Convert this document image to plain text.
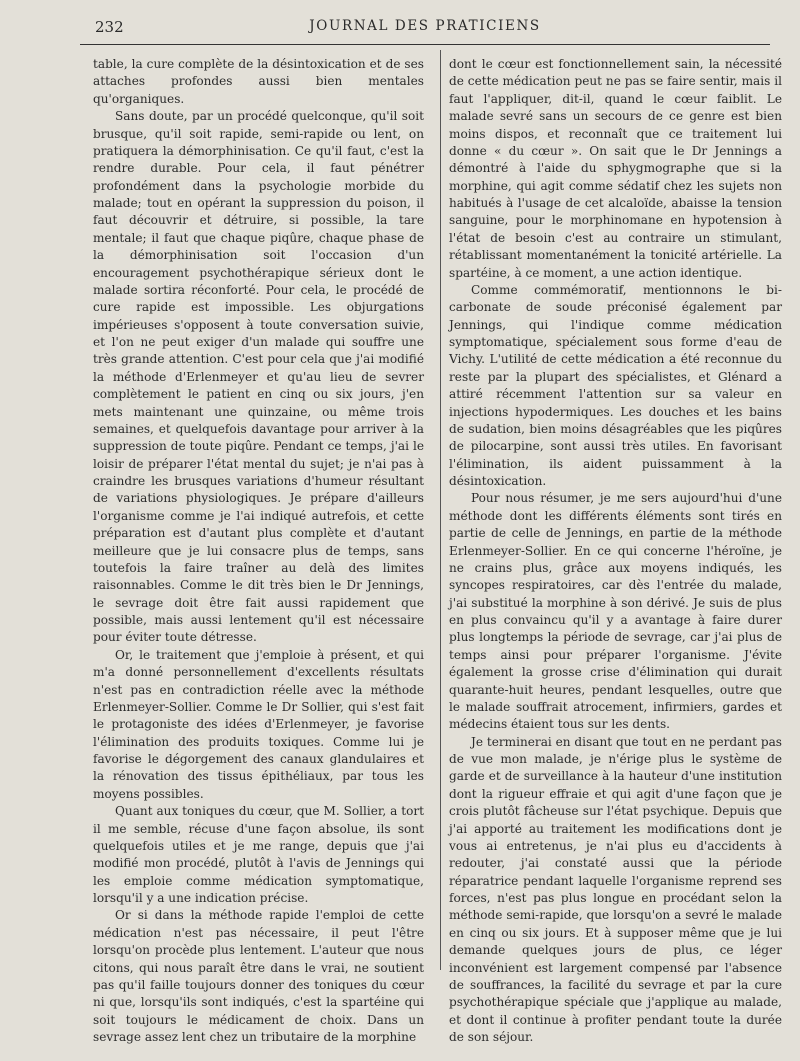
232	JOURNAL DES PRATICIENS

table, la cure complète de la désintoxication et de ses attaches profondes aussi bien mentales qu'organiques.

Sans doute, par un procédé quelconque, qu'il soit brusque, qu'il soit rapide, semi-rapide ou lent, on pratiquera la démorphinisation. Ce qu'il faut, c'est la rendre durable. Pour cela, il faut pénétrer profondément dans la psychologie morbide du malade; tout en opérant la suppression du poison, il faut découvrir et détruire, si possible, la tare mentale; il faut que chaque piqûre, chaque phase de la démorphinisation soit l'occasion d'un encouragement psychothérapique sérieux dont le malade sortira réconforté. Pour cela, le procédé de cure rapide est impossible. Les objurgations impérieuses s'opposent à toute conversation suivie, et l'on ne peut exiger d'un malade qui souffre une très grande attention. C'est pour cela que j'ai modifié la méthode d'Erlenmeyer et qu'au lieu de sevrer complètement le patient en cinq ou six jours, j'en mets maintenant une quinzaine, ou même trois semaines, et quelquefois davantage pour arriver à la suppression de toute piqûre. Pendant ce temps, j'ai le loisir de préparer l'état mental du sujet; je n'ai pas à craindre les brusques variations d'humeur résultant de variations physiologiques. Je prépare d'ailleurs l'organisme comme je l'ai indiqué autrefois, et cette préparation est d'autant plus complète et d'autant meilleure que je lui consacre plus de temps, sans toutefois la faire traîner au delà des limites raisonnables. Comme le dit très bien le Dr Jennings, le sevrage doit être fait aussi rapidement que possible, mais aussi lentement qu'il est nécessaire pour éviter toute détresse.

Or, le traitement que j'emploie à présent, et qui m'a donné personnellement d'excellents résultats n'est pas en contradiction réelle avec la méthode Erlenmeyer-Sollier. Comme le Dr Sollier, qui s'est fait le protagoniste des idées d'Erlenmeyer, je favorise l'élimination des produits toxiques. Comme lui je favorise le dégorgement des canaux glandulaires et la rénovation des tissus épithéliaux, par tous les moyens possibles.

Quant aux toniques du cœur, que M. Sollier, a tort il me semble, récuse d'une façon absolue, ils sont quelquefois utiles et je me range, depuis que j'ai modifié mon procédé, plutôt à l'avis de Jennings qui les emploie comme médication symptomatique, lorsqu'il y a une indication précise.

Or si dans la méthode rapide l'emploi de cette médication n'est pas nécessaire, il peut l'être lorsqu'on procède plus lentement. L'auteur que nous citons, qui nous paraît être dans le vrai, ne soutient pas qu'il faille toujours donner des toniques du cœur ni que, lorsqu'ils sont indiqués, c'est la spartéine qui soit toujours le médicament de choix. Dans un sevrage assez lent chez un tributaire de la morphine

dont le cœur est fonctionnellement sain, la nécessité de cette médication peut ne pas se faire sentir, mais il faut l'appliquer, dit-il, quand le cœur faiblit. Le malade sevré sans un secours de ce genre est bien moins dispos, et reconnaît que ce traitement lui donne « du cœur ». On sait que le Dr Jennings a démontré à l'aide du sphygmographe que si la morphine, qui agit comme sédatif chez les sujets non habitués à l'usage de cet alcaloïde, abaisse la tension sanguine, pour le morphinomane en hypotension à l'état de besoin c'est au contraire un stimulant, rétablissant momentanément la tonicité artérielle. La spartéine, à ce moment, a une action identique.

Comme commémoratif, mentionnons le bi-carbonate de soude préconisé également par Jennings, qui l'indique comme médication symptomatique, spécialement sous forme d'eau de Vichy. L'utilité de cette médication a été reconnue du reste par la plupart des spécialistes, et Glénard a attiré récemment l'attention sur sa valeur en injections hypodermiques. Les douches et les bains de sudation, bien moins désagréables que les piqûres de pilocarpine, sont aussi très utiles. En favorisant l'élimination, ils aident puissamment à la désintoxication.

Pour nous résumer, je me sers aujourd'hui d'une méthode dont les différents éléments sont tirés en partie de celle de Jennings, en partie de la méthode Erlenmeyer-Sollier. En ce qui concerne l'héroïne, je ne crains plus, grâce aux moyens indiqués, les syncopes respiratoires, car dès l'entrée du malade, j'ai substitué la morphine à son dérivé. Je suis de plus en plus convaincu qu'il y a avantage à faire durer plus longtemps la période de sevrage, car j'ai plus de temps ainsi pour préparer l'organisme. J'évite également la grosse crise d'élimination qui durait quarante-huit heures, pendant lesquelles, outre que le malade souffrait atrocement, infirmiers, gardes et médecins étaient tous sur les dents.

Je terminerai en disant que tout en ne perdant pas de vue mon malade, je n'érige plus le système de garde et de surveillance à la hauteur d'une institution dont la rigueur effraie et qui agit d'une façon que je crois plutôt fâcheuse sur l'état psychique. Depuis que j'ai apporté au traitement les modifications dont je vous ai entretenus, je n'ai plus eu d'accidents à redouter, j'ai constaté aussi que la période réparatrice pendant laquelle l'organisme reprend ses forces, n'est pas plus longue en procédant selon la méthode semi-rapide, que lorsqu'on a sevré le malade en cinq ou six jours. Et à supposer même que je lui demande quelques jours de plus, ce léger inconvénient est largement compensé par l'absence de souffrances, la facilité du sevrage et par la cure psychothérapique spéciale que j'applique au malade, et dont il continue à profiter pendant toute la durée de son séjour.
